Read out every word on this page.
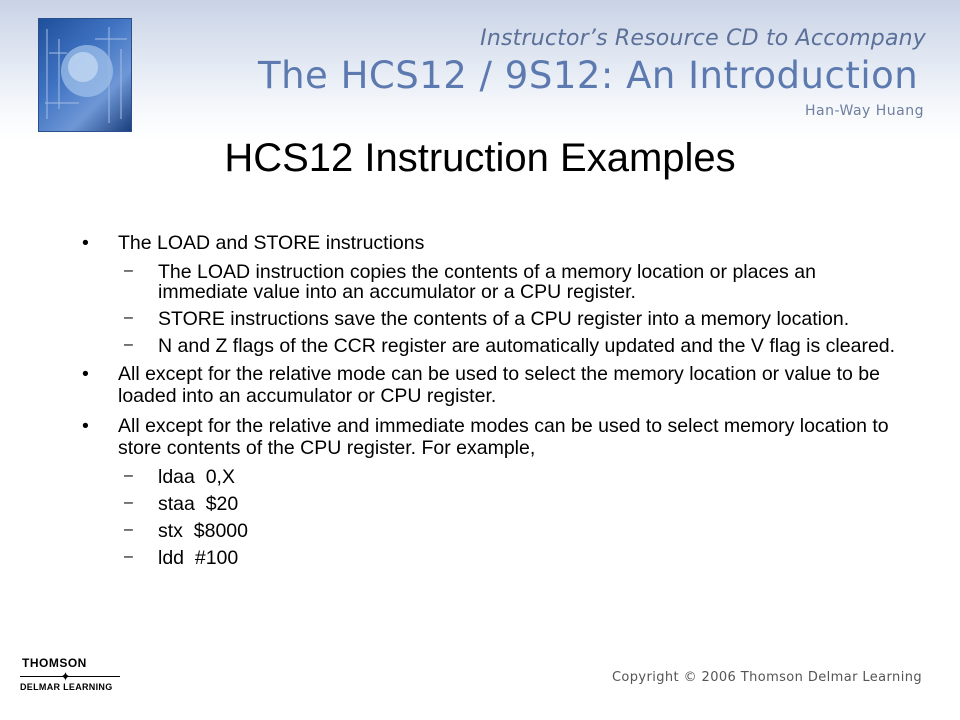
Instructor’s Resource CD to Accompany
The HCS12 / 9S12: An Introduction
Han-Way Huang
HCS12 Instruction Examples
• The LOAD and STORE instructions
– The LOAD instruction copies the contents of a memory location or places an immediate value into an accumulator or a CPU register.
– STORE instructions save the contents of a CPU register into a memory location.
– N and Z flags of the CCR register are automatically updated and the V flag is cleared.
• All except for the relative mode can be used to select the memory location or value to be loaded into an accumulator or CPU register.
• All except for the relative and immediate modes can be used to select memory location to store contents of the CPU register. For example,
– ldaa  0,X
– staa  $20
– stx  $8000
– ldd  #100
THOMSON
✦
DELMAR LEARNING
Copyright © 2006 Thomson Delmar Learning
